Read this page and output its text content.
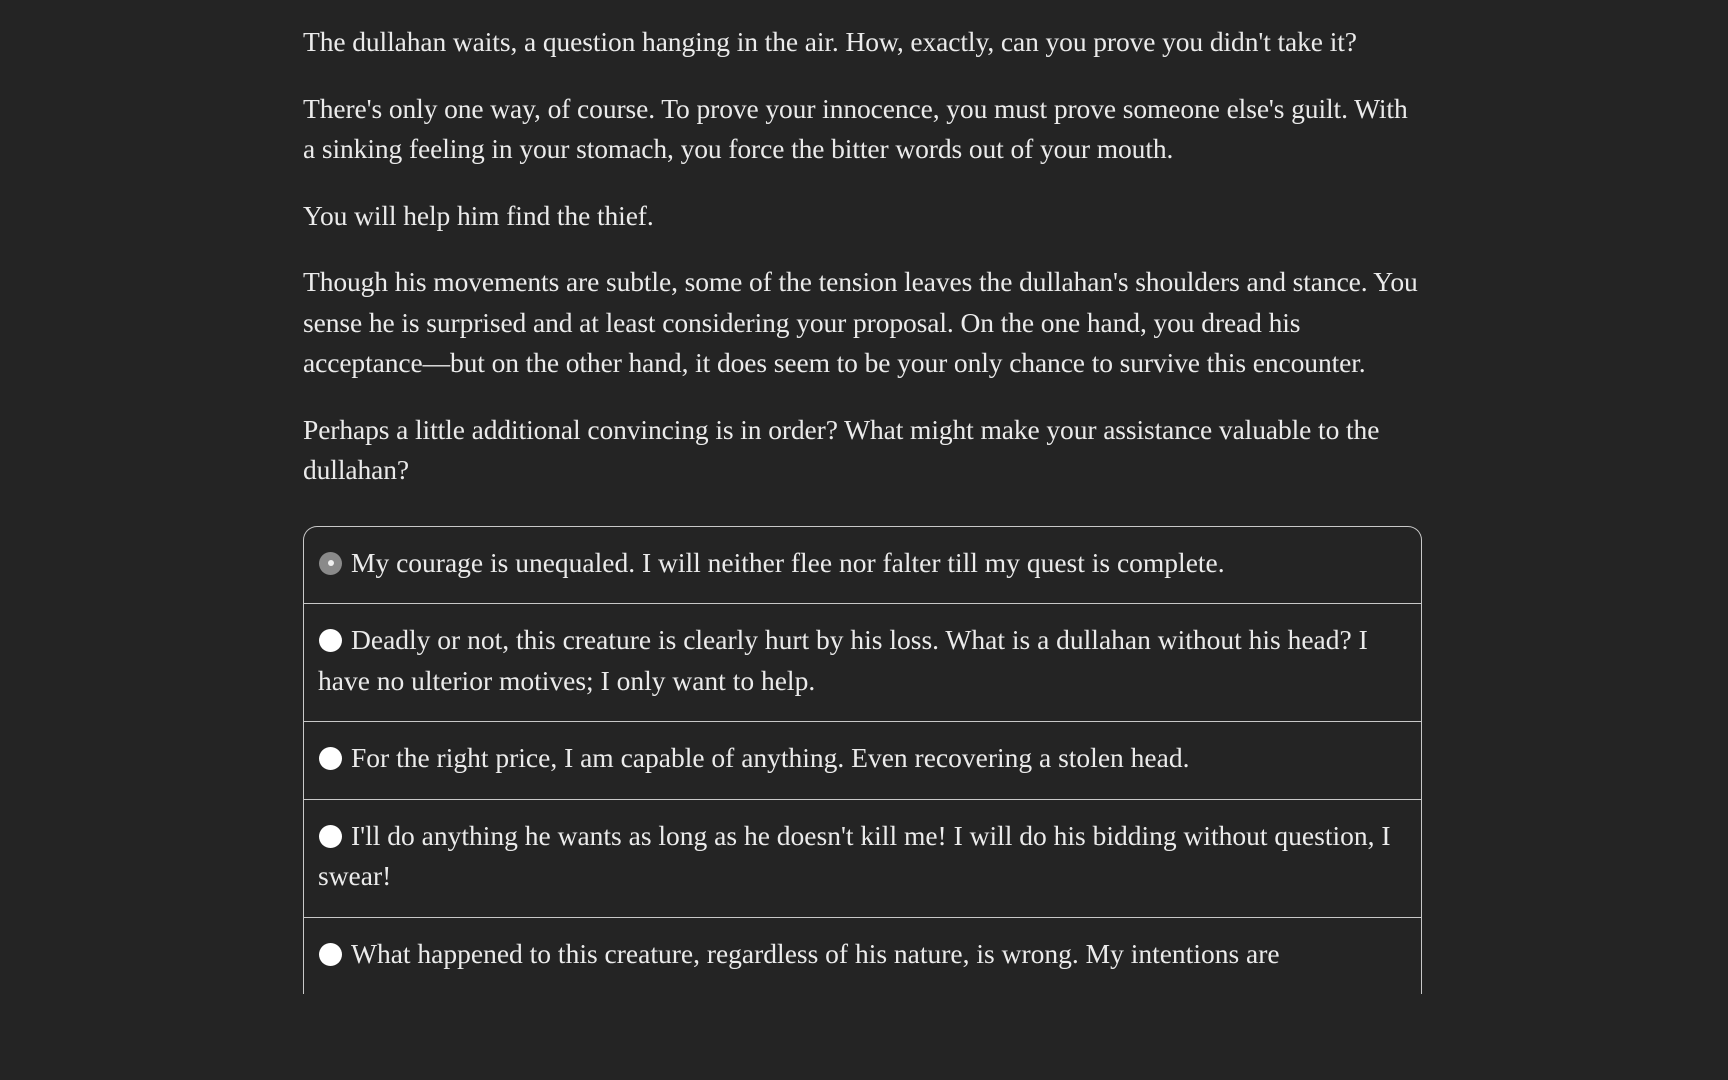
The dullahan waits, a question hanging in the air. How, exactly, can you prove you didn't take it?

There's only one way, of course. To prove your innocence, you must prove someone else's guilt. With a sinking feeling in your stomach, you force the bitter words out of your mouth.

You will help him find the thief.

Though his movements are subtle, some of the tension leaves the dullahan's shoulders and stance. You sense he is surprised and at least considering your proposal. On the one hand, you dread his acceptance—but on the other hand, it does seem to be your only chance to survive this encounter.

Perhaps a little additional convincing is in order? What might make your assistance valuable to the dullahan?

My courage is unequaled. I will neither flee nor falter till my quest is complete.
Deadly or not, this creature is clearly hurt by his loss. What is a dullahan without his head? I have no ulterior motives; I only want to help.
For the right price, I am capable of anything. Even recovering a stolen head.
I'll do anything he wants as long as he doesn't kill me! I will do his bidding without question, I swear!
What happened to this creature, regardless of his nature, is wrong. My intentions are
